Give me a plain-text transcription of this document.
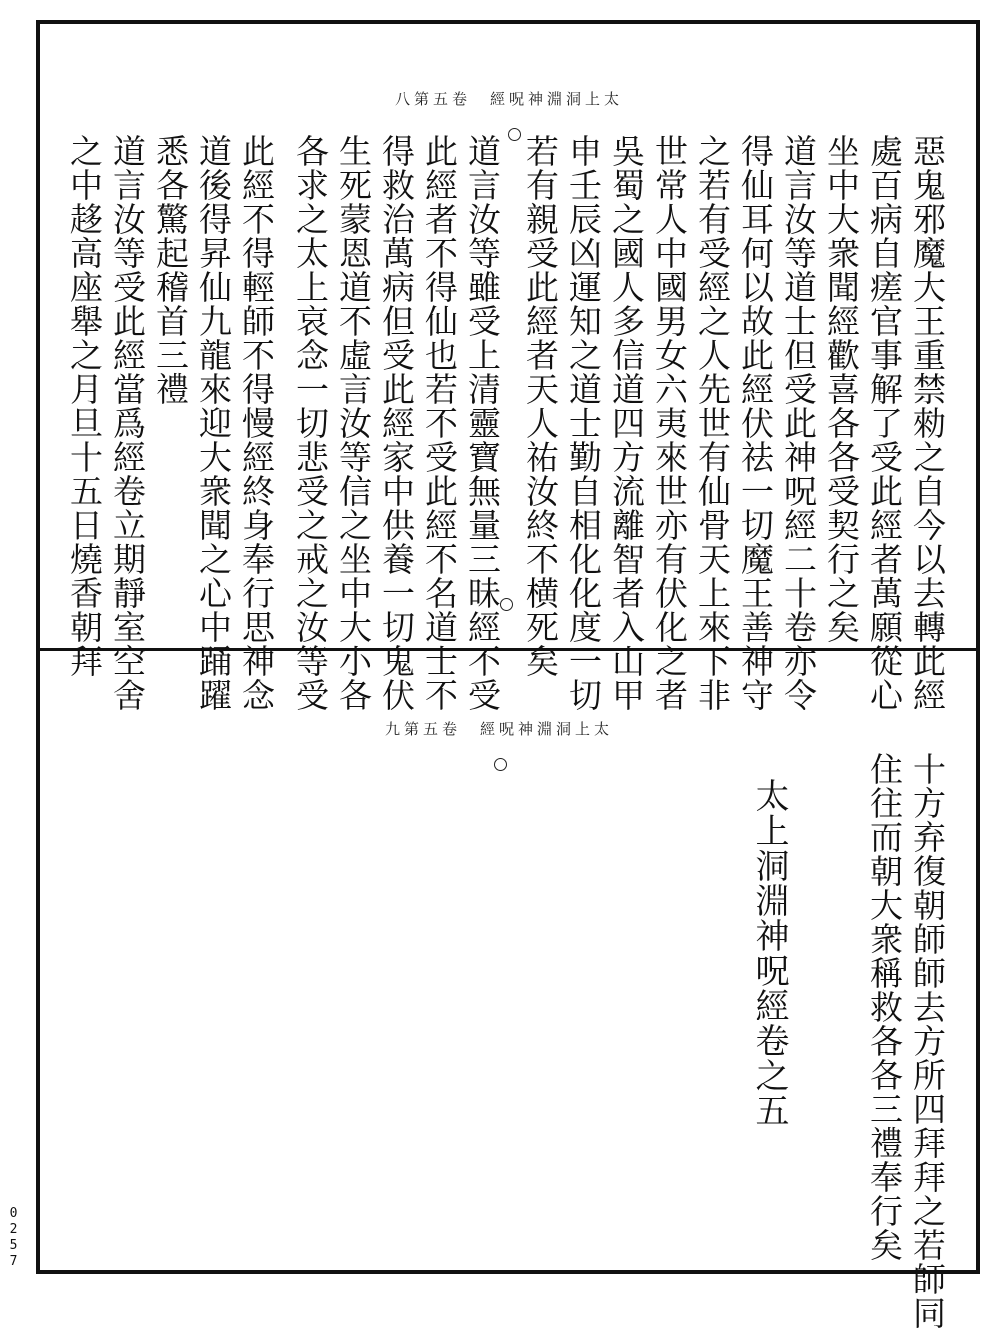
八第五卷　經呪神淵洞上太
惡鬼邪魔大王重禁勑之自今以去轉此經
處百病自瘥官事解了受此經者萬願從心
坐中大衆聞經歡喜各各受契行之矣
道言汝等道士但受此神呪經二十卷亦令
得仙耳何以故此經伏祛一切魔王善神守
之若有受經之人先世有仙骨天上來下非
世常人中國男女六夷來世亦有伏化之者
吳蜀之國人多信道四方流離智者入山甲
申壬辰凶運知之道士勤自相化化度一切
若有親受此經者天人祐汝終不横死矣
道言汝等雖受上清靈寶無量三昧經不受
此經者不得仙也若不受此經不名道士不
得救治萬病但受此經家中供養一切鬼伏
生死蒙恩道不虛言汝等信之坐中大小各
各求之太上哀念一切悲受之戒之汝等受
此經不得輕師不得慢經終身奉行思神念
道後得昇仙九龍來迎大衆聞之心中踊躍
悉各驚起稽首三禮
道言汝等受此經當爲經卷立期靜室空舍
之中趍高座舉之月旦十五日燒香朝拜
九第五卷　經呪神淵洞上太
十方弃復朝師師去方所四拜拜之若師同
住往而朝大衆稱救各各三禮奉行矣
太上洞淵神呪經卷之五
0257
